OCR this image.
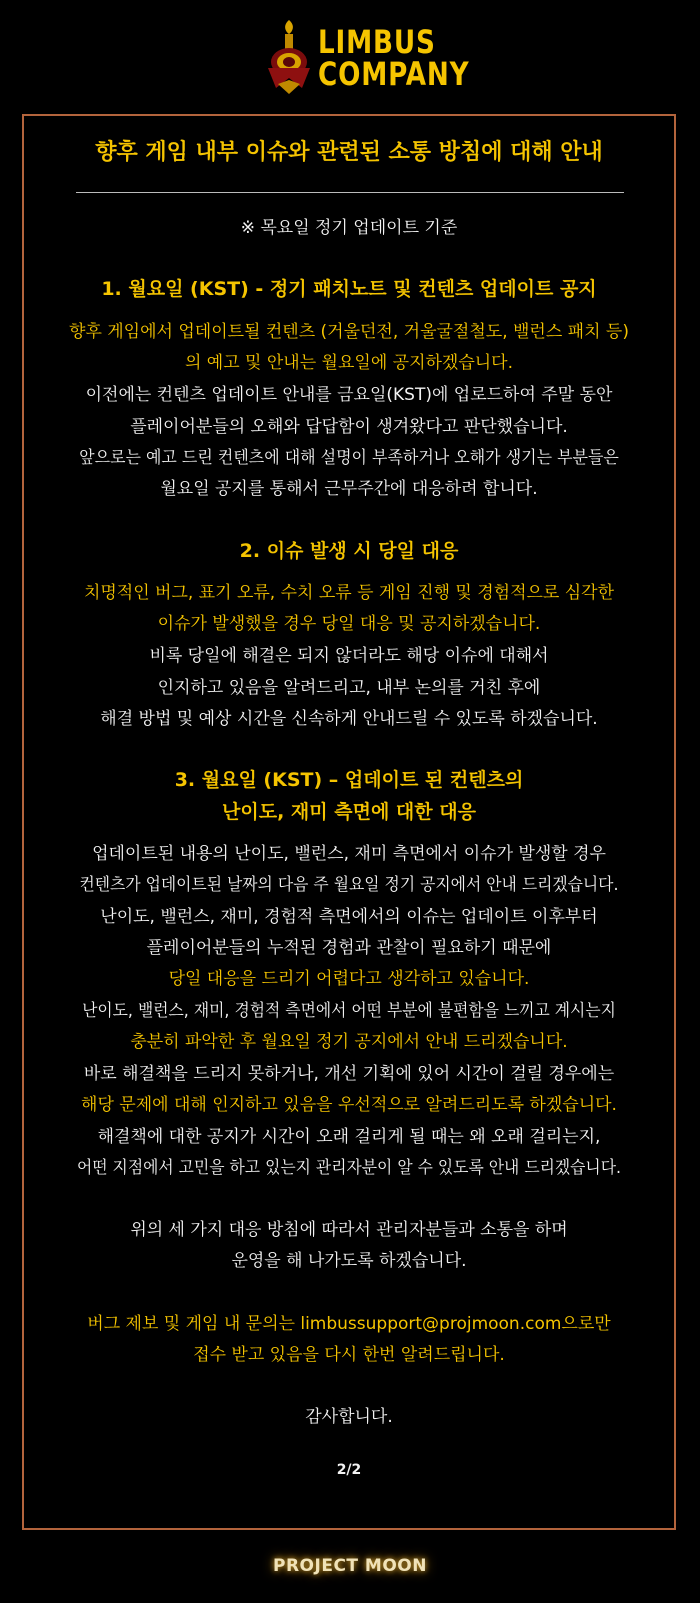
LIMBUS
COMPANY
향후 게임 내부 이슈와 관련된 소통 방침에 대해 안내
※ 목요일 정기 업데이트 기준
1. 월요일 (KST) - 정기 패치노트 및 컨텐츠 업데이트 공지
향후 게임에서 업데이트될 컨텐츠 (거울던전, 거울굴절철도, 밸런스 패치 등)
의 예고 및 안내는 월요일에 공지하겠습니다.
이전에는 컨텐츠 업데이트 안내를 금요일(KST)에 업로드하여 주말 동안
플레이어분들의 오해와 답답함이 생겨왔다고 판단했습니다.
앞으로는 예고 드린 컨텐츠에 대해 설명이 부족하거나 오해가 생기는 부분들은
월요일 공지를 통해서 근무주간에 대응하려 합니다.
2. 이슈 발생 시 당일 대응
치명적인 버그, 표기 오류, 수치 오류 등 게임 진행 및 경험적으로 심각한
이슈가 발생했을 경우 당일 대응 및 공지하겠습니다.
비록 당일에 해결은 되지 않더라도 해당 이슈에 대해서
인지하고 있음을 알려드리고, 내부 논의를 거친 후에
해결 방법 및 예상 시간을 신속하게 안내드릴 수 있도록 하겠습니다.
3. 월요일 (KST) – 업데이트 된 컨텐츠의
난이도, 재미 측면에 대한 대응
업데이트된 내용의 난이도, 밸런스, 재미 측면에서 이슈가 발생할 경우
컨텐츠가 업데이트된 날짜의 다음 주 월요일 정기 공지에서 안내 드리겠습니다.
난이도, 밸런스, 재미, 경험적 측면에서의 이슈는 업데이트 이후부터
플레이어분들의 누적된 경험과 관찰이 필요하기 때문에
당일 대응을 드리기 어렵다고 생각하고 있습니다.
난이도, 밸런스, 재미, 경험적 측면에서 어떤 부분에 불편함을 느끼고 계시는지
충분히 파악한 후 월요일 정기 공지에서 안내 드리겠습니다.
바로 해결책을 드리지 못하거나, 개선 기획에 있어 시간이 걸릴 경우에는
해당 문제에 대해 인지하고 있음을 우선적으로 알려드리도록 하겠습니다.
해결책에 대한 공지가 시간이 오래 걸리게 될 때는 왜 오래 걸리는지,
어떤 지점에서 고민을 하고 있는지 관리자분이 알 수 있도록 안내 드리겠습니다.
위의 세 가지 대응 방침에 따라서 관리자분들과 소통을 하며
운영을 해 나가도록 하겠습니다.
버그 제보 및 게임 내 문의는 limbussupport@projmoon.com으로만
접수 받고 있음을 다시 한번 알려드립니다.
감사합니다.
2/2
PROJECT MOON
